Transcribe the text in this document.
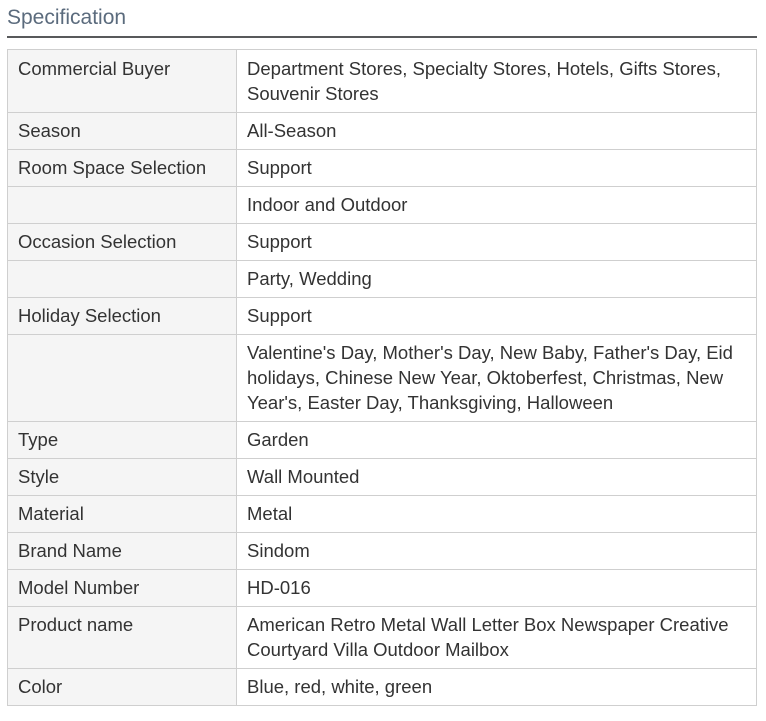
Specification
Commercial Buyer	Department Stores, Specialty Stores, Hotels, Gifts Stores, Souvenir Stores
Season	All-Season
Room Space Selection	Support
	Indoor and Outdoor
Occasion Selection	Support
	Party, Wedding
Holiday Selection	Support
	Valentine's Day, Mother's Day, New Baby, Father's Day, Eid holidays, Chinese New Year, Oktoberfest, Christmas, New Year's, Easter Day, Thanksgiving, Halloween
Type	Garden
Style	Wall Mounted
Material	Metal
Brand Name	Sindom
Model Number	HD-016
Product name	American Retro Metal Wall Letter Box Newspaper Creative Courtyard Villa Outdoor Mailbox
Color	Blue, red, white, green
